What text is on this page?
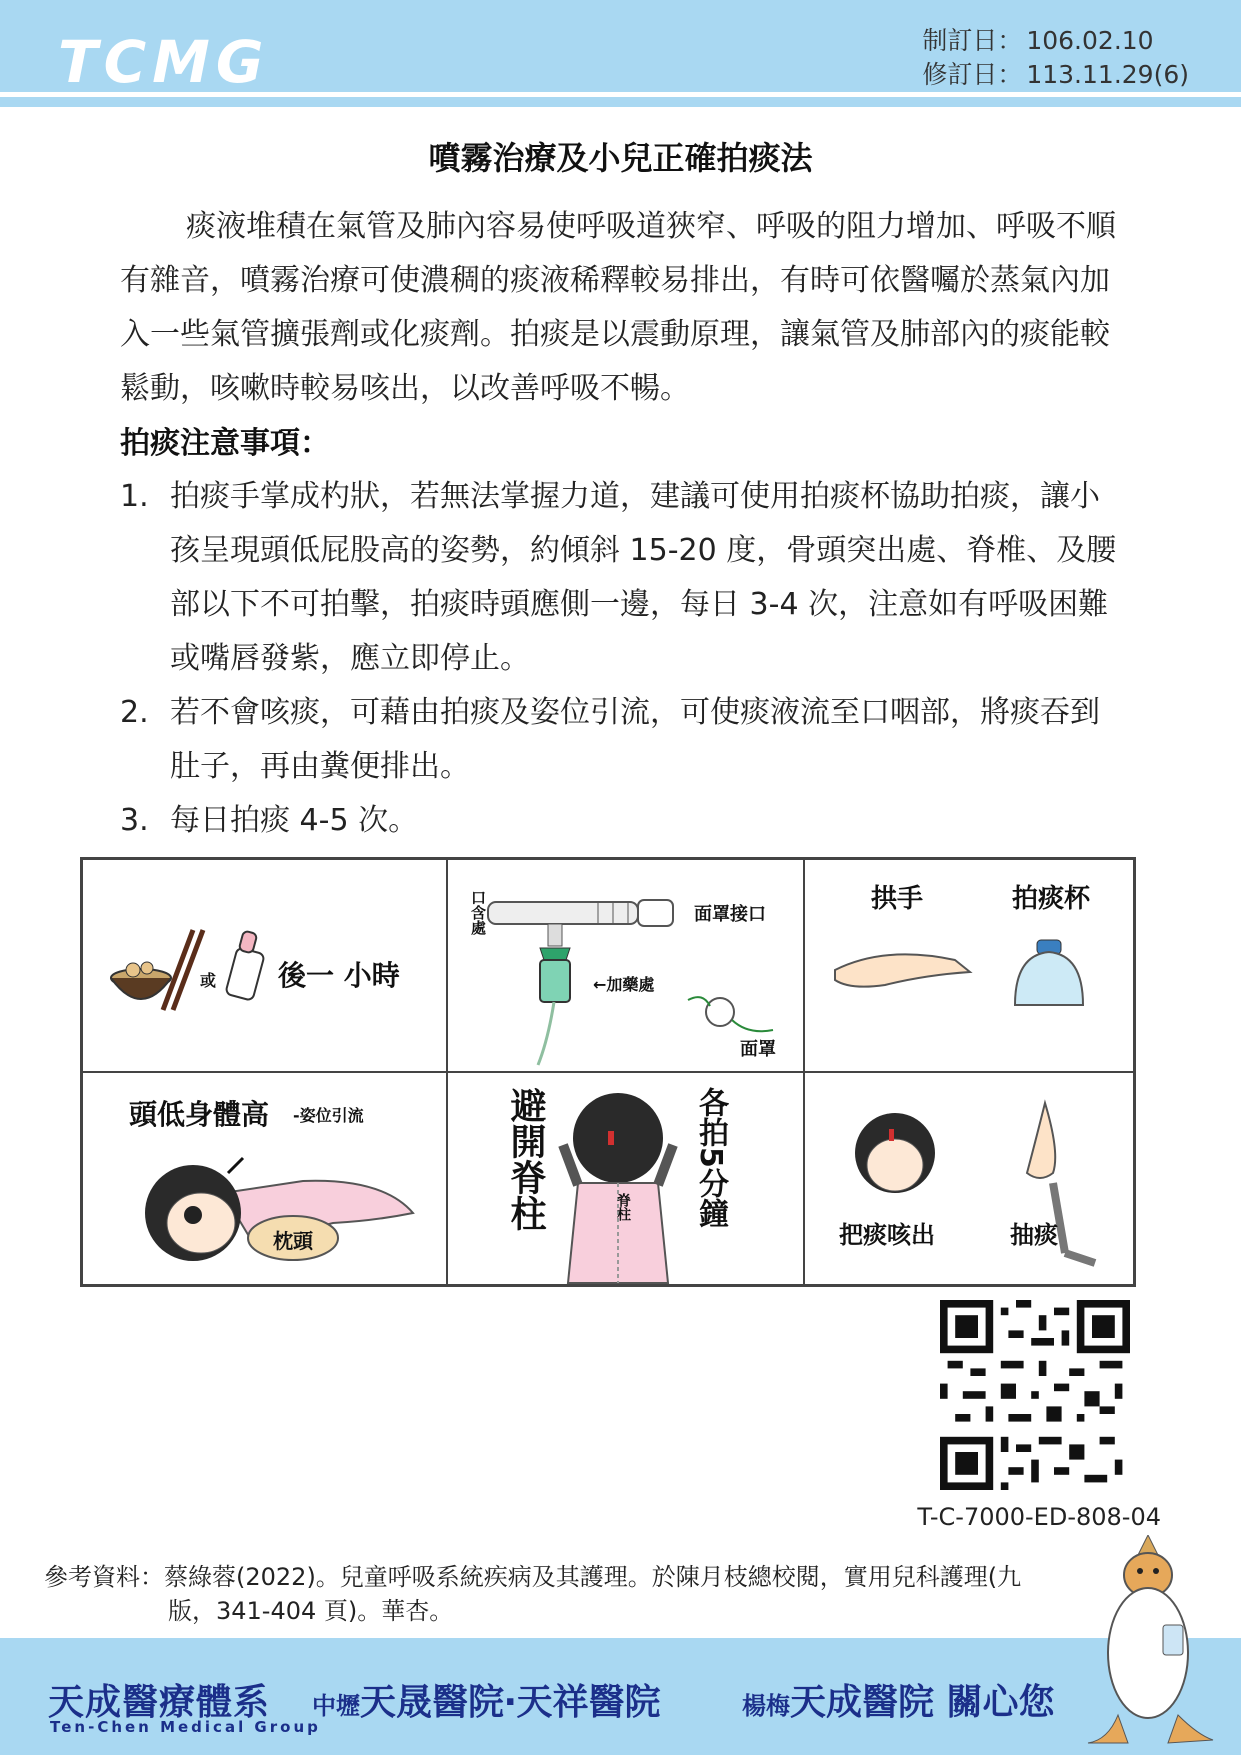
TCMG	制訂日： 106.02.10
修訂日： 113.11.29(6)
噴霧治療及小兒正確拍痰法
痰液堆積在氣管及肺內容易使呼吸道狹窄、呼吸的阻力增加、呼吸不順有雜音，噴霧治療可使濃稠的痰液稀釋較易排出，有時可依醫囑於蒸氣內加入一些氣管擴張劑或化痰劑。拍痰是以震動原理，讓氣管及肺部內的痰能較鬆動，咳嗽時較易咳出，以改善呼吸不暢。
拍痰注意事項：
1. 拍痰手掌成杓狀，若無法掌握力道，建議可使用拍痰杯協助拍痰，讓小孩呈現頭低屁股高的姿勢，約傾斜 15-20 度，骨頭突出處、脊椎、及腰部以下不可拍擊，拍痰時頭應側一邊，每日 3-4 次，注意如有呼吸困難或嘴唇發紫，應立即停止。
2. 若不會咳痰，可藉由拍痰及姿位引流，可使痰液流至口咽部，將痰吞到肚子，再由糞便排出。
3. 每日拍痰 4-5 次。
或 後一 小時
口含處	面罩接口
←加藥處
面罩
拱手	拍痰杯
頭低身體高 -姿位引流
枕頭
避開脊柱	各拍5分鐘
脊柱
把痰咳出	抽痰
T-C-7000-ED-808-04
參考資料：蔡綠蓉(2022)。兒童呼吸系統疾病及其護理。於陳月枝總校閱，實用兒科護理(九
版，341-404 頁)。華杏。
天成醫療體系
Ten-Chen Medical Group
中壢天晟醫院‧天祥醫院	楊梅天成醫院 關心您
